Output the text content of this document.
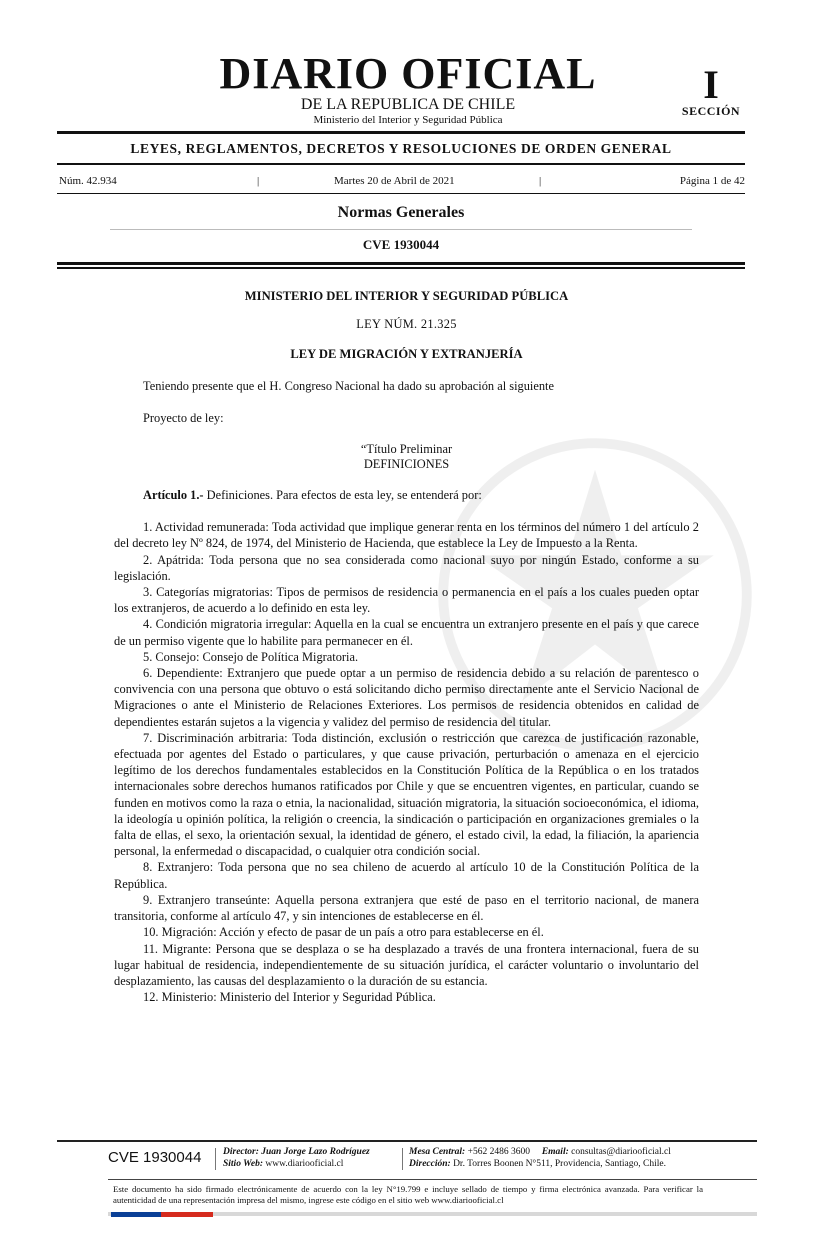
DIARIO OFICIAL
DE LA REPUBLICA DE CHILE
Ministerio del Interior y Seguridad Pública
I
SECCIÓN
LEYES, REGLAMENTOS, DECRETOS Y RESOLUCIONES DE ORDEN GENERAL
Núm. 42.934	|	Martes 20 de Abril de 2021	|	Página 1 de 42
Normas Generales
CVE 1930044
MINISTERIO DEL INTERIOR Y SEGURIDAD PÚBLICA
LEY NÚM. 21.325
LEY DE MIGRACIÓN Y EXTRANJERÍA
Teniendo presente que el H. Congreso Nacional ha dado su aprobación al siguiente
Proyecto de ley:
“Título Preliminar
DEFINICIONES
Artículo 1.- Definiciones. Para efectos de esta ley, se entenderá por:
1. Actividad remunerada: Toda actividad que implique generar renta en los términos del número 1 del artículo 2 del decreto ley Nº 824, de 1974, del Ministerio de Hacienda, que establece la Ley de Impuesto a la Renta.
2. Apátrida: Toda persona que no sea considerada como nacional suyo por ningún Estado, conforme a su legislación.
3. Categorías migratorias: Tipos de permisos de residencia o permanencia en el país a los cuales pueden optar los extranjeros, de acuerdo a lo definido en esta ley.
4. Condición migratoria irregular: Aquella en la cual se encuentra un extranjero presente en el país y que carece de un permiso vigente que lo habilite para permanecer en él.
5. Consejo: Consejo de Política Migratoria.
6. Dependiente: Extranjero que puede optar a un permiso de residencia debido a su relación de parentesco o convivencia con una persona que obtuvo o está solicitando dicho permiso directamente ante el Servicio Nacional de Migraciones o ante el Ministerio de Relaciones Exteriores. Los permisos de residencia obtenidos en calidad de dependientes estarán sujetos a la vigencia y validez del permiso de residencia del titular.
7. Discriminación arbitraria: Toda distinción, exclusión o restricción que carezca de justificación razonable, efectuada por agentes del Estado o particulares, y que cause privación, perturbación o amenaza en el ejercicio legítimo de los derechos fundamentales establecidos en la Constitución Política de la República o en los tratados internacionales sobre derechos humanos ratificados por Chile y que se encuentren vigentes, en particular, cuando se funden en motivos como la raza o etnia, la nacionalidad, situación migratoria, la situación socioeconómica, el idioma, la ideología u opinión política, la religión o creencia, la sindicación o participación en organizaciones gremiales o la falta de ellas, el sexo, la orientación sexual, la identidad de género, el estado civil, la edad, la filiación, la apariencia personal, la enfermedad o discapacidad, o cualquier otra condición social.
8. Extranjero: Toda persona que no sea chileno de acuerdo al artículo 10 de la Constitución Política de la República.
9. Extranjero transeúnte: Aquella persona extranjera que esté de paso en el territorio nacional, de manera transitoria, conforme al artículo 47, y sin intenciones de establecerse en él.
10. Migración: Acción y efecto de pasar de un país a otro para establecerse en él.
11. Migrante: Persona que se desplaza o se ha desplazado a través de una frontera internacional, fuera de su lugar habitual de residencia, independientemente de su situación jurídica, el carácter voluntario o involuntario del desplazamiento, las causas del desplazamiento o la duración de su estancia.
12. Ministerio: Ministerio del Interior y Seguridad Pública.
CVE 1930044 Director: Juan Jorge Lazo Rodríguez
Sitio Web: www.diariooficial.cl
Mesa Central: +562 2486 3600 Email: consultas@diariooficial.cl
Dirección: Dr. Torres Boonen N°511, Providencia, Santiago, Chile.
Este documento ha sido firmado electrónicamente de acuerdo con la ley N°19.799 e incluye sellado de tiempo y firma electrónica avanzada. Para verificar la autenticidad de una representación impresa del mismo, ingrese este código en el sitio web www.diariooficial.cl
